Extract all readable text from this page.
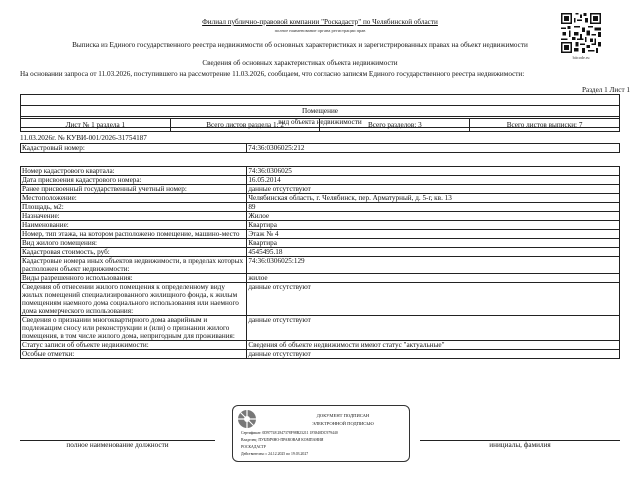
Филиал публично-правовой компании "Роскадастр" по Челябинской области
полное наименование органа регистрации прав
Выписка из Единого государственного реестра недвижимости об основных характеристиках и зарегистрированных правах на объект недвижимости
bitcode.ru
Сведения об основных характеристиках объекта недвижимости
На основании запроса от 11.03.2026, поступившего на рассмотрение 11.03.2026, сообщаем, что согласно записям Единого государственного реестра недвижимости:
Раздел 1 Лист 1
Помещение
вид объекта недвижимости
Лист № 1 раздела 1	Всего листов раздела 1: 2	Всего разделов: 3	Всего листов выписки: 7
11.03.2026г. № КУВИ-001/2026-31754187
Кадастровый номер:	74:36:0306025:212
Номер кадастрового квартала:	74:36:0306025
Дата присвоения кадастрового номера:	16.05.2014
Ранее присвоенный государственный учетный номер:	данные отсутствуют
Местоположение:	Челябинская область, г. Челябинск, пер. Арматурный, д. 5-г, кв. 13
Площадь, м2:	89
Назначение:	Жилое
Наименование:	Квартира
Номер, тип этажа, на котором расположено помещение, машино-место	Этаж № 4
Вид жилого помещения:	Квартира
Кадастровая стоимость, руб:	4545495.18
Кадастровые номера иных объектов недвижимости, в пределах которых расположен объект недвижимости:	74:36:0306025:129
Виды разрешенного использования:	жилое
Сведения об отнесении жилого помещения к определенному виду жилых помещений специализированного жилищного фонда, к жилым помещениям наемного дома социального использования или наемного дома коммерческого использования:	данные отсутствуют
Сведения о признании многоквартирного дома аварийным и подлежащим сносу или реконструкции и (или) о признании жилого помещения, в том числе жилого дома, непригодным для проживания:	данные отсутствуют
Статус записи об объекте недвижимости:	Сведения об объекте недвижимости имеют статус "актуальные"
Особые отметки:	данные отсутствуют
полное наименование должности	инициалы, фамилия
ДОКУМЕНТ ПОДПИСАН
ЭЛЕКТРОННОЙ ПОДПИСЬЮ
Сертификат: 0D97748 2847378F98B23211 1F3840DC979440
Владелец: ПУБЛИЧНО-ПРАВОВАЯ КОМПАНИЯ
РОСКАДАСТР
Действителен: с 24.12.2025 по 19.03.2027
